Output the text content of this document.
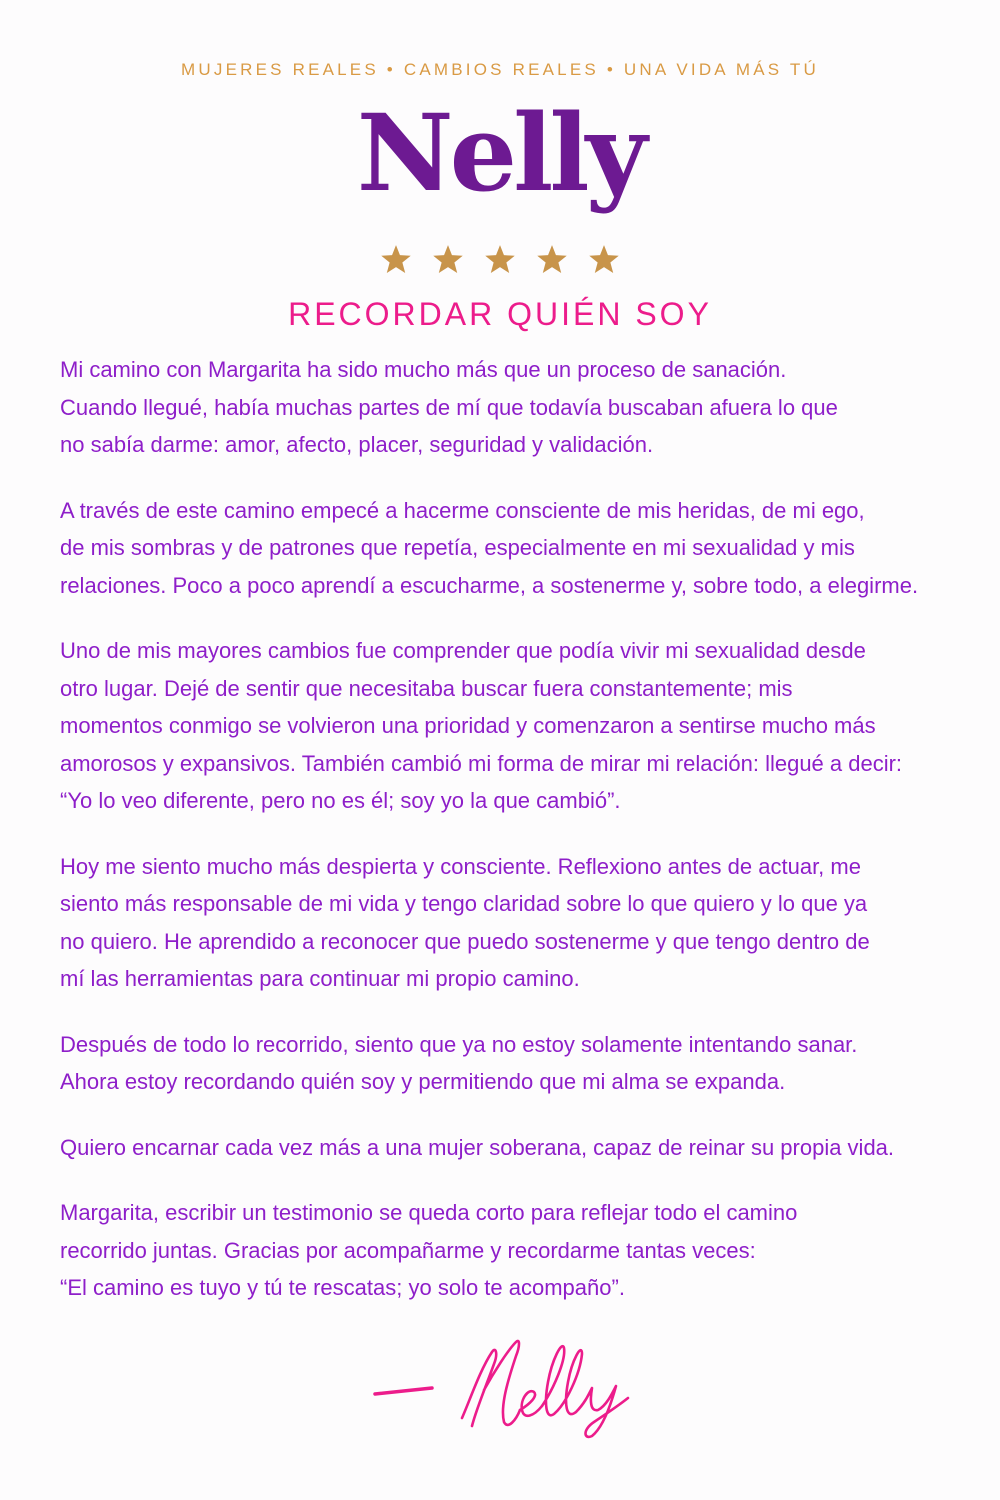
MUJERES REALES • CAMBIOS REALES • UNA VIDA MÁS TÚ
Nelly
RECORDAR QUIÉN SOY

Mi camino con Margarita ha sido mucho más que un proceso de sanación.
Cuando llegué, había muchas partes de mí que todavía buscaban afuera lo que
no sabía darme: amor, afecto, placer, seguridad y validación.

A través de este camino empecé a hacerme consciente de mis heridas, de mi ego,
de mis sombras y de patrones que repetía, especialmente en mi sexualidad y mis
relaciones. Poco a poco aprendí a escucharme, a sostenerme y, sobre todo, a elegirme.

Uno de mis mayores cambios fue comprender que podía vivir mi sexualidad desde
otro lugar. Dejé de sentir que necesitaba buscar fuera constantemente; mis
momentos conmigo se volvieron una prioridad y comenzaron a sentirse mucho más
amorosos y expansivos. También cambió mi forma de mirar mi relación: llegué a decir:
“Yo lo veo diferente, pero no es él; soy yo la que cambió”.

Hoy me siento mucho más despierta y consciente. Reflexiono antes de actuar, me
siento más responsable de mi vida y tengo claridad sobre lo que quiero y lo que ya
no quiero. He aprendido a reconocer que puedo sostenerme y que tengo dentro de
mí las herramientas para continuar mi propio camino.

Después de todo lo recorrido, siento que ya no estoy solamente intentando sanar.
Ahora estoy recordando quién soy y permitiendo que mi alma se expanda.

Quiero encarnar cada vez más a una mujer soberana, capaz de reinar su propia vida.

Margarita, escribir un testimonio se queda corto para reflejar todo el camino
recorrido juntas. Gracias por acompañarme y recordarme tantas veces:
“El camino es tuyo y tú te rescatas; yo solo te acompaño”.
